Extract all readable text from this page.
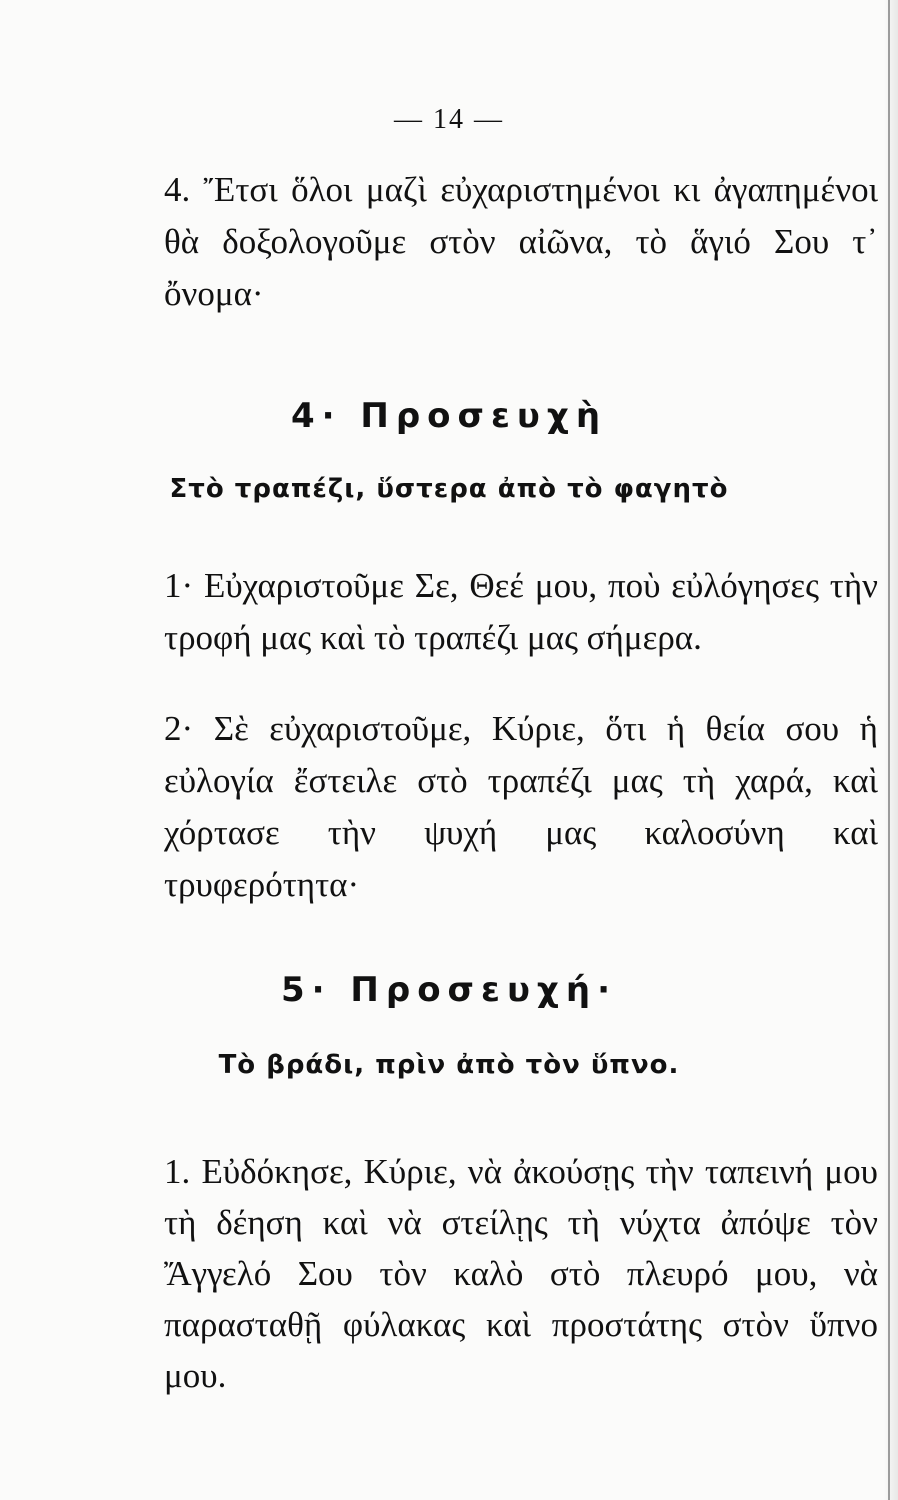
— 14 —

4. Ἔτσι ὅλοι μαζὶ εὐχαριστημένοι κι ἀγαπημένοι θὰ δοξολογοῦμε στὸν αἰῶνα, τὸ ἅγιό Σου τ᾿ ὄνομα·

4· Προσευχὴ
Στὸ τραπέζι, ὕστερα ἀπὸ τὸ φαγητὸ

1· Εὐχαριστοῦμε Σε, Θεέ μου, ποὺ εὐλόγησες τὴν τροφή μας καὶ τὸ τραπέζι μας σήμερα.

2· Σὲ εὐχαριστοῦμε, Κύριε, ὅτι ἡ θεία σου ἡ εὐλογία ἔστειλε στὸ τραπέζι μας τὴ χαρά, καὶ χόρτασε τὴν ψυχή μας καλοσύνη καὶ τρυφερότητα·

5· Προσευχή·
Τὸ βράδι, πρὶν ἀπὸ τὸν ὕπνο.

1. Εὐδόκησε, Κύριε, νὰ ἀκούσῃς τὴν ταπεινή μου τὴ δέηση καὶ νὰ στείλῃς τὴ νύχτα ἀπόψε τὸν Ἄγγελό Σου τὸν καλὸ στὸ πλευρό μου, νὰ παρασταθῇ φύλακας καὶ προστάτης στὸν ὕπνο μου.
